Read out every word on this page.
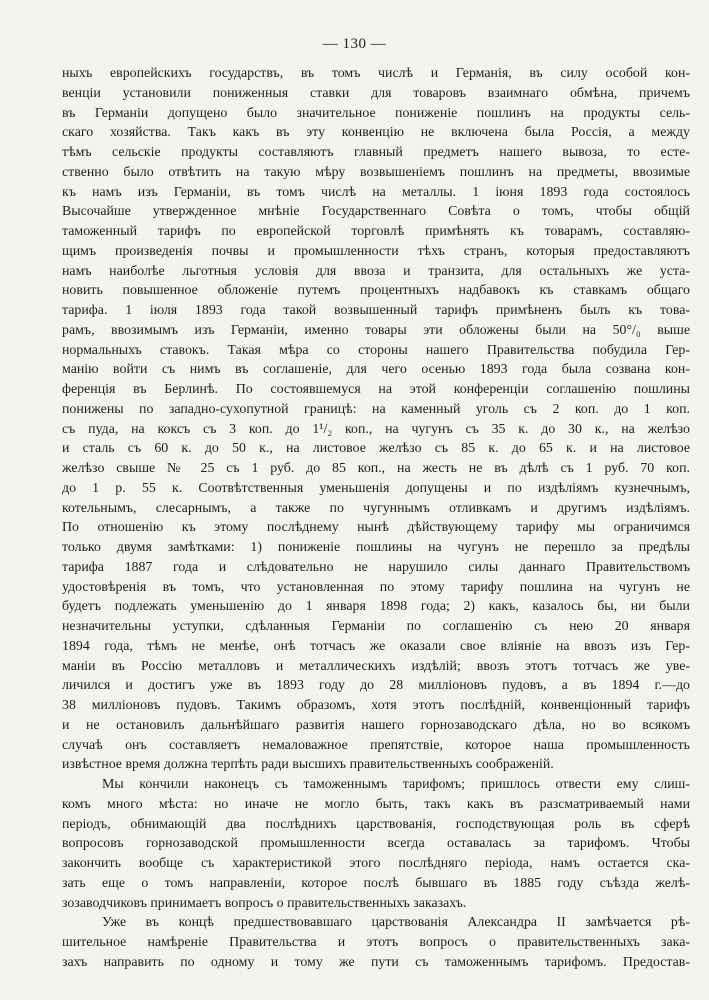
— 130 —
ныхъ европейскихъ государствъ, въ томъ числѣ и Германія, въ силу особой кон-
венціи установили пониженныя ставки для товаровъ взаимнаго обмѣна, причемъ
въ Германіи допущено было значительное пониженіе пошлинъ на продукты сель-
скаго хозяйства. Такъ какъ въ эту конвенцію не включена была Россія, а между
тѣмъ сельскіе продукты составляютъ главный предметъ нашего вывоза, то есте-
ственно было отвѣтить на такую мѣру возвышеніемъ пошлинъ на предметы, ввозимые
къ намъ изъ Германіи, въ томъ числѣ на металлы. 1 іюня 1893 года состоялось
Высочайше утвержденное мнѣніе Государственнаго Совѣта о томъ, чтобы общій
таможенный тарифъ по европейской торговлѣ примѣнять къ товарамъ, составляю-
щимъ произведенія почвы и промышленности тѣхъ странъ, которыя предоставляютъ
намъ наиболѣе льготныя условія для ввоза и транзита, для остальныхъ же уста-
новить повышенное обложеніе путемъ процентныхъ надбавокъ къ ставкамъ общаго
тарифа. 1 іюля 1893 года такой возвышенный тарифъ примѣненъ былъ къ това-
рамъ, ввозимымъ изъ Германіи, именно товары эти обложены были на 50°/₀ выше
нормальныхъ ставокъ. Такая мѣра со стороны нашего Правительства побудила Гер-
манію войти съ нимъ въ соглашеніе, для чего осенью 1893 года была созвана кон-
ференція въ Берлинѣ. По состоявшемуся на этой конференціи соглашенію пошлины
понижены по западно-сухопутной границѣ: на каменный уголь съ 2 коп. до 1 коп.
съ пуда, на коксъ съ 3 коп. до 1¹/₂ коп., на чугунъ съ 35 к. до 30 к., на желѣзо
и сталь съ 60 к. до 50 к., на листовое желѣзо съ 85 к. до 65 к. и на листовое
желѣзо свыше № 25 съ 1 руб. до 85 коп., на жесть не въ дѣлѣ съ 1 руб. 70 коп.
до 1 р. 55 к. Соотвѣтственныя уменьшенія допущены и по издѣліямъ кузнечнымъ,
котельнымъ, слесарнымъ, а также по чугуннымъ отливкамъ и другимъ издѣліямъ.
По отношенію къ этому послѣднему нынѣ дѣйствующему тарифу мы ограничимся
только двумя замѣтками: 1) пониженіе пошлины на чугунъ не перешло за предѣлы
тарифа 1887 года и слѣдовательно не нарушило силы даннаго Правительствомъ
удостовѣренія въ томъ, что установленная по этому тарифу пошлина на чугунъ не
будетъ подлежать уменьшенію до 1 января 1898 года; 2) какъ, казалось бы, ни были
незначительны уступки, сдѣланныя Германіи по соглашенію съ нею 20 января
1894 года, тѣмъ не менѣе, онѣ тотчасъ же оказали свое вліяніе на ввозъ изъ Гер-
маніи въ Россію металловъ и металлическихъ издѣлій; ввозъ этотъ тотчасъ же уве-
личился и достигъ уже въ 1893 году до 28 милліоновъ пудовъ, а въ 1894 г.—до
38 милліоновъ пудовъ. Такимъ образомъ, хотя этотъ послѣдній, конвенціонный тарифъ
и не остановилъ дальнѣйшаго развитія нашего горнозаводскаго дѣла, но во всякомъ
случаѣ онъ составляетъ немаловажное препятствіе, которое наша промышленность
извѣстное время должна терпѣть ради высшихъ правительственныхъ соображеній.
Мы кончили наконецъ съ таможеннымъ тарифомъ; пришлось отвести ему слиш-
комъ много мѣста: но иначе не могло быть, такъ какъ въ разсматриваемый нами
періодъ, обнимающій два послѣднихъ царствованія, господствующая роль въ сферѣ
вопросовъ горнозаводской промышленности всегда оставалась за тарифомъ. Чтобы
закончить вообще съ характеристикой этого послѣдняго періода, намъ остается ска-
зать еще о томъ направленіи, которое послѣ бывшаго въ 1885 году съѣзда желѣ-
зозаводчиковъ принимаетъ вопросъ о правительственныхъ заказахъ.
Уже въ концѣ предшествовавшаго царствованія Александра II замѣчается рѣ-
шительное намѣреніе Правительства и этотъ вопросъ о правительственныхъ зака-
захъ направить по одному и тому же пути съ таможеннымъ тарифомъ. Предостав-
